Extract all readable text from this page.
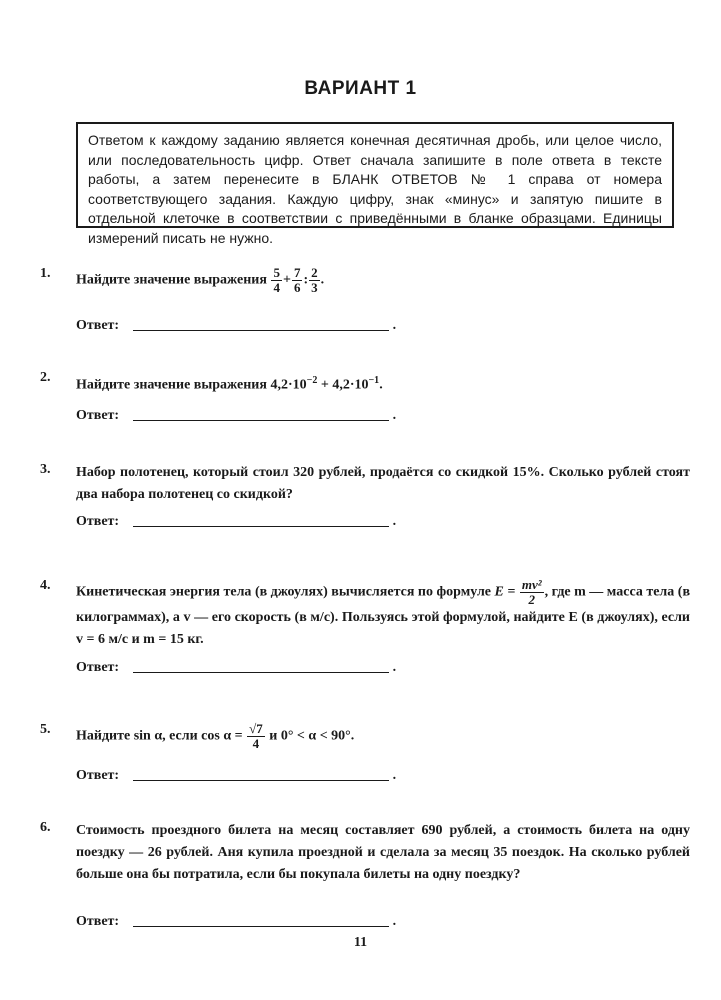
ВАРИАНТ 1
Ответом к каждому заданию является конечная десятичная дробь, или целое число, или последовательность цифр. Ответ сначала запишите в поле ответа в тексте работы, а затем перенесите в БЛАНК ОТВЕТОВ № 1 справа от номера соответствующего задания. Каждую цифру, знак «минус» и запятую пишите в отдельной клеточке в соответствии с приведёнными в бланке образцами. Единицы измерений писать не нужно.
1. Найдите значение выражения $\frac{5}{4} + \frac{7}{6}$ : $\frac{2}{3}$ .
Ответ:	.
2.
Найдите значение выражения $4,2\cdot 10^{-2} + 4,2\cdot 10^{-1}$.
Ответ:	.
3. Набор полотенец, который стоил 320 рублей, продаётся со скидкой 15%. Сколько рублей стоят два набора полотенец со скидкой?
Ответ:	.
4. Кинетическая энергия тела (в джоулях) вычисляется по формуле $E = \frac{\text{mv²}}{2}$ , где m — масса тела (в килограммах), а v — его скорость (в м/с). Пользуясь этой формулой, найдите E (в джоулях), если v = 6 м/с и m = 15 кг.
Ответ:	.
5. Найдите sin α, если $\cos \alpha = \frac{√7}{4}$ и 0° < α < 90°.
Ответ:	.
6. Стоимость проездного билета на месяц составляет 690 рублей, а стоимость билета на одну поездку — 26 рублей. Аня купила проездной и сделала за месяц 35 поездок. На сколько рублей больше она бы потратила, если бы покупала билеты на одну поездку?
Ответ:	.
11
